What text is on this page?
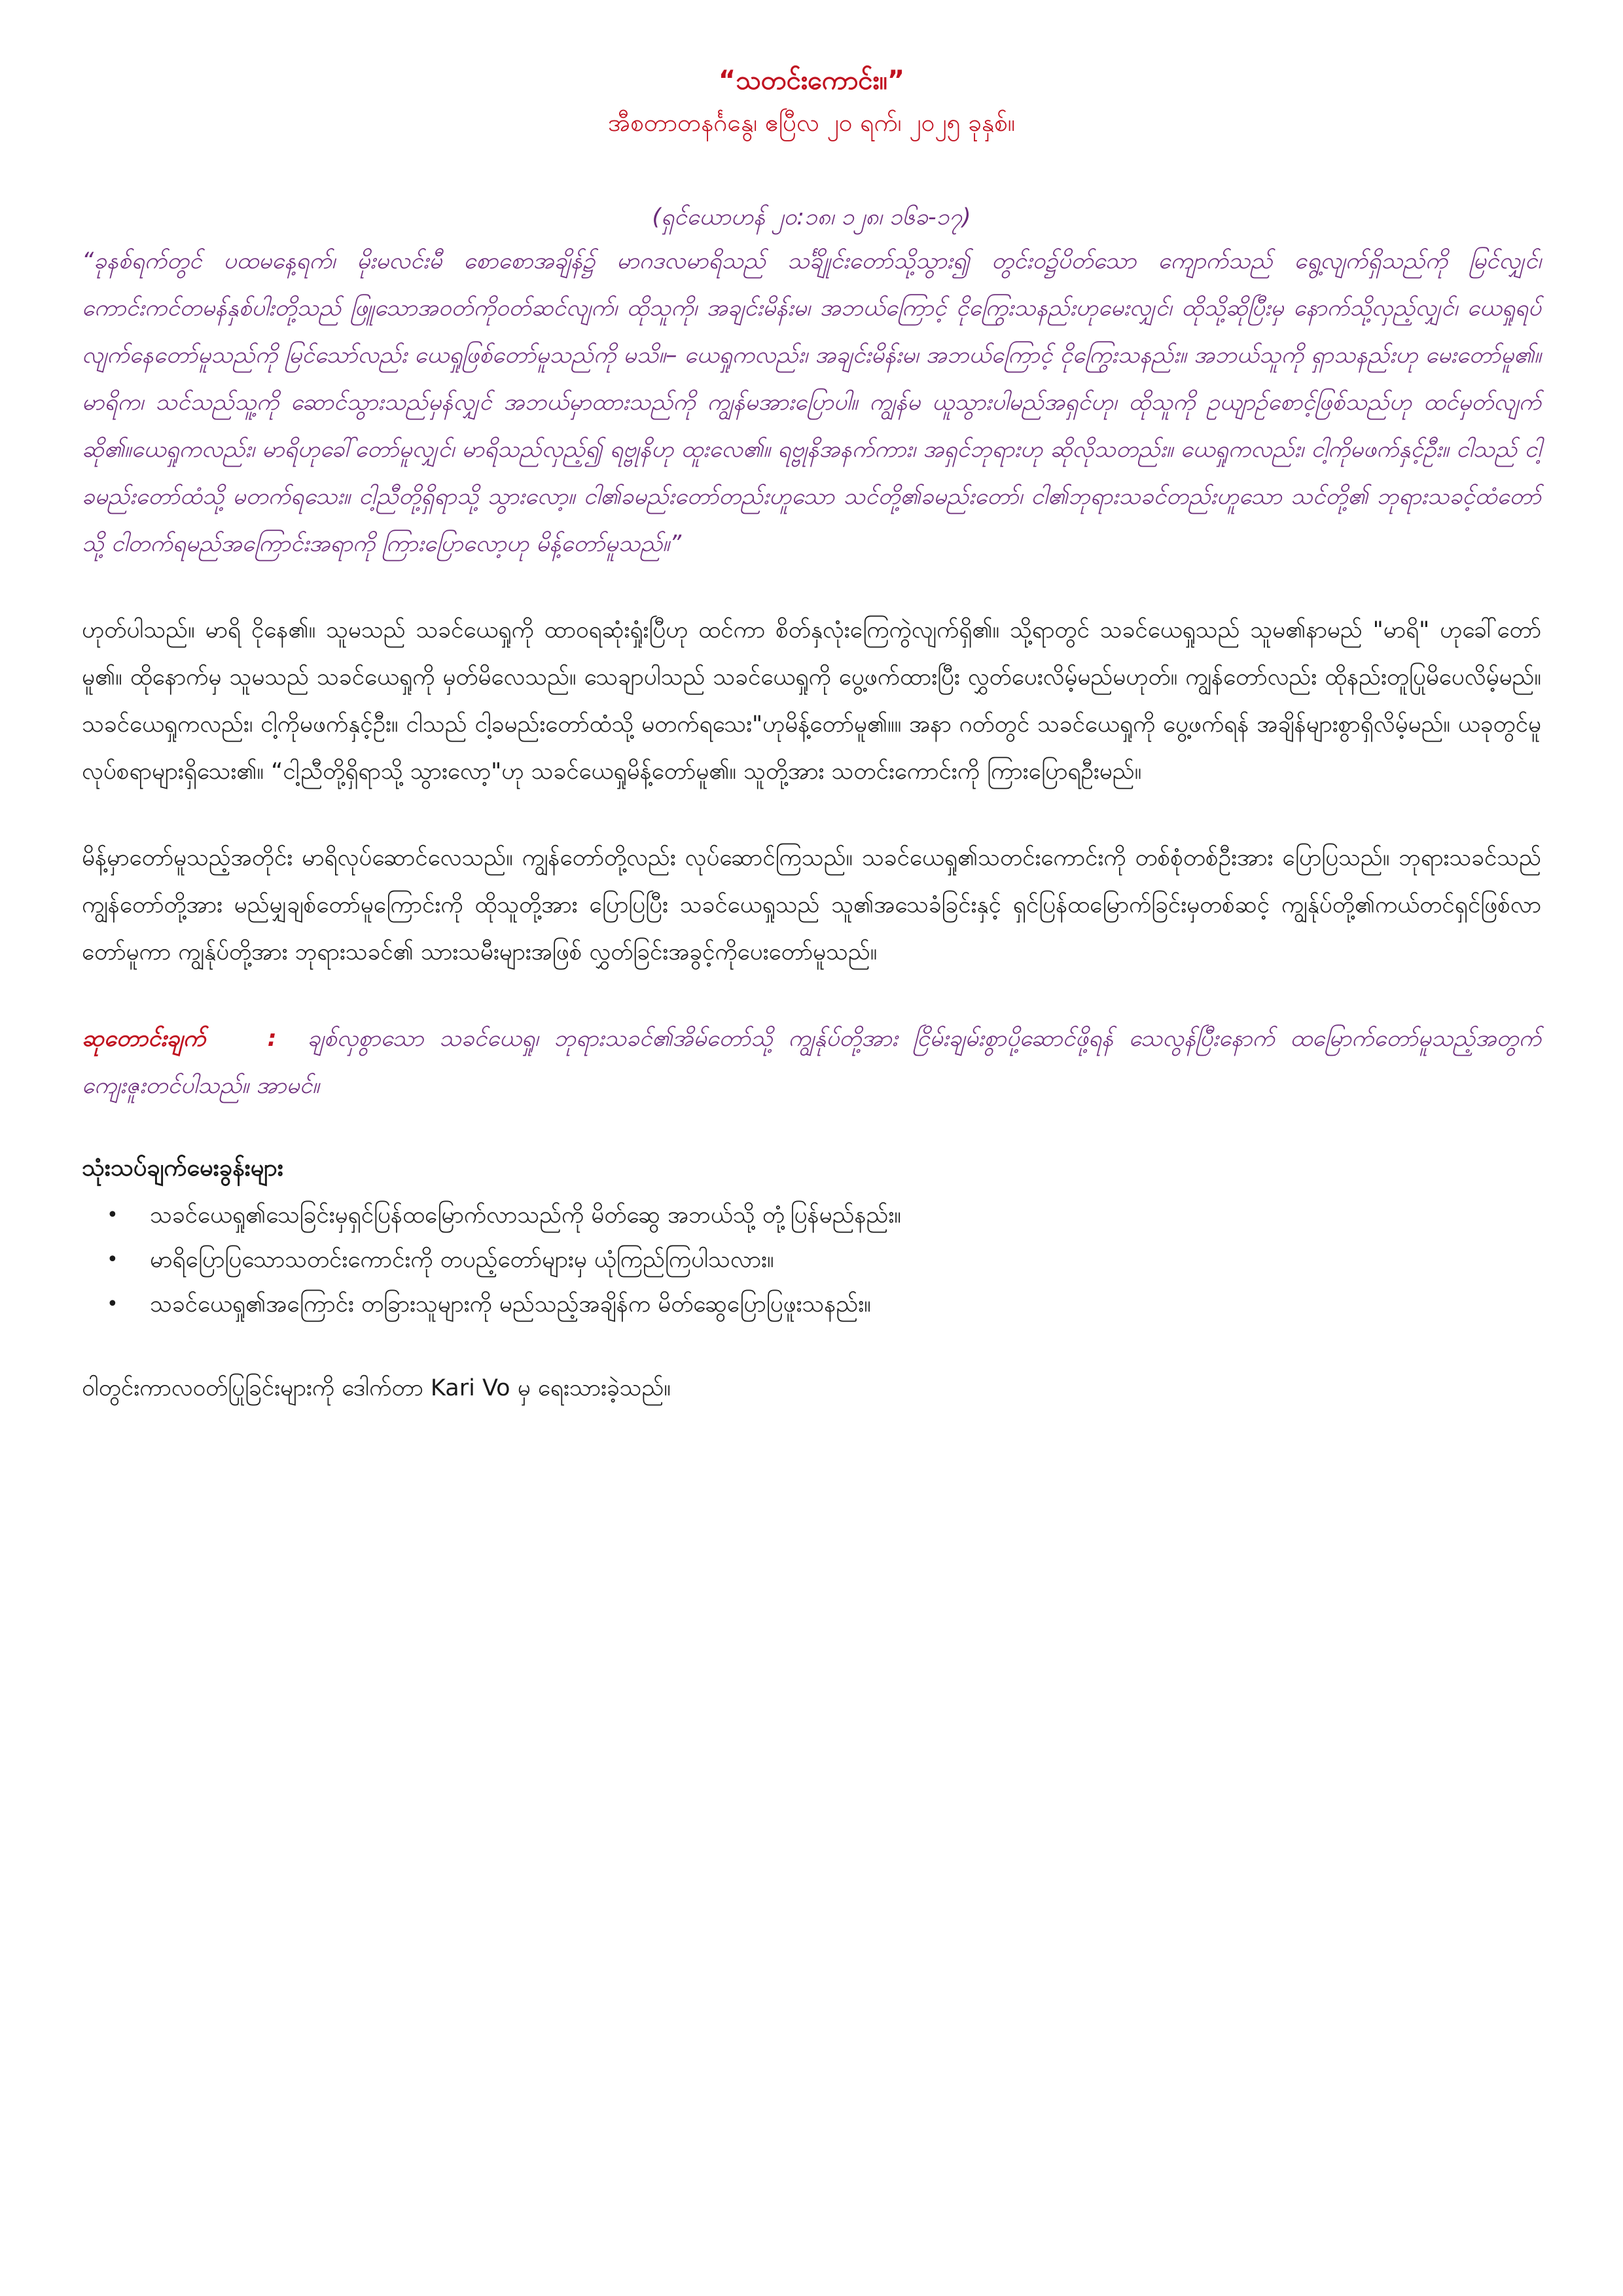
“သတင်းကောင်း။”

အီစတာတနင်္ဂနွေ၊ ဧပြီလ ၂၀ ရက်၊ ၂၀၂၅ ခုနှစ်။

(ရှင်ယောဟန် ၂၀:၁၈၊ ၁၂၈၊ ၁၆ခ-၁၇)

“ခုနစ်ရက်တွင် ပထမနေ့ရက်၊ မိုးမလင်းမီ စောစောအချိန်၌ မာဂဒလမာရိသည် သင်္ချိုင်းတော်သို့သွား၍ တွင်းဝ၌ပိတ်သော ကျောက်သည် ရွေ့လျက်ရှိသည်ကို မြင်လျှင်၊ ကောင်းကင်တမန်နှစ်ပါးတို့သည် ဖြူသောအဝတ်ကိုဝတ်ဆင်လျက်၊ ထိုသူကို၊ အချင်းမိန်းမ၊ အဘယ်ကြောင့် ငိုကြွေးသနည်းဟုမေးလျှင်၊ ထိုသို့ဆိုပြီးမှ နောက်သို့လှည့်လျှင်၊ ယေရှုရပ်လျက်နေတော်မူသည်ကို မြင်သော်လည်း ယေရှုဖြစ်တော်မူသည်ကို မသိ။– ယေရှုကလည်း၊ အချင်းမိန်းမ၊ အဘယ်ကြောင့် ငိုကြွေးသနည်း။ အဘယ်သူကို ရှာသနည်းဟု မေးတော်မူ၏။ မာရိက၊ သင်သည်သူ့ကို ဆောင်သွားသည်မှန်လျှင် အဘယ်မှာထားသည်ကို ကျွန်မအားပြောပါ။ ကျွန်မ ယူသွားပါမည်အရှင်ဟု၊ ထိုသူကို ဥယျာဉ်စောင့်ဖြစ်သည်ဟု ထင်မှတ်လျက်ဆို၏။ယေရှုကလည်း၊ မာရိဟုခေါ်တော်မူလျှင်၊ မာရိသည်လှည့်၍ ရဗ္ဗုနိဟု ထူးလေ၏။ ရဗ္ဗုနိအနက်ကား၊ အရှင်ဘုရားဟု ဆိုလိုသတည်း။ ယေရှုကလည်း၊ ငါ့ကိုမဖက်နှင့်ဦး။ ငါသည် ငါ့ခမည်းတော်ထံသို့ မတက်ရသေး။ ငါ့ညီတို့ရှိရာသို့ သွားလော့။ ငါ၏ခမည်းတော်တည်းဟူသော သင်တို့၏ခမည်းတော်၊ ငါ၏ဘုရားသခင်တည်းဟူသော သင်တို့၏ ဘုရားသခင့်ထံတော်သို့ ငါတက်ရမည်အကြောင်းအရာကို ကြားပြောလော့ဟု မိန့်တော်မူသည်။”

ဟုတ်ပါသည်။ မာရိ ငိုနေ၏။ သူမသည် သခင်ယေရှုကို ထာဝရဆုံးရှုံးပြီဟု ထင်ကာ စိတ်နှလုံးကြေကွဲလျက်ရှိ၏။ သို့ရာတွင် သခင်ယေရှုသည် သူမ၏နာမည် "မာရိ" ဟုခေါ်တော်မူ၏။ ထိုနောက်မှ သူမသည် သခင်ယေရှုကို မှတ်မိလေသည်။ သေချာပါသည် သခင်ယေရှုကို ပွေ့ဖက်ထားပြီး လွှတ်ပေးလိမ့်မည်မဟုတ်။ ကျွန်တော်လည်း ထိုနည်းတူပြုမိပေလိမ့်မည်။ သခင်ယေရှုကလည်း၊ ငါ့ကိုမဖက်နှင့်ဦး။ ငါသည် ငါ့ခမည်းတော်ထံသို့ မတက်ရသေး"ဟုမိန့်တော်မူ၏။။ အနာ ဂတ်တွင် သခင်ယေရှုကို ပွေ့ဖက်ရန် အချိန်များစွာရှိလိမ့်မည်။ ယခုတွင်မူ လုပ်စရာများရှိသေး၏။ “ငါ့ညီတို့ရှိရာသို့ သွားလော့"ဟု သခင်ယေရှုမိန့်တော်မူ၏။ သူတို့အား သတင်းကောင်းကို ကြားပြောရဦးမည်။

မိန့်မှာတော်မူသည့်အတိုင်း မာရိလုပ်ဆောင်လေသည်။ ကျွန်တော်တို့လည်း လုပ်ဆောင်ကြသည်။ သခင်ယေရှု၏သတင်းကောင်းကို တစ်စုံတစ်ဦးအား ပြောပြသည်။ ဘုရားသခင်သည် ကျွန်တော်တို့အား မည်မျှချစ်တော်မူကြောင်းကို ထိုသူတို့အား ပြောပြပြီး သခင်ယေရှုသည် သူ၏အသေခံခြင်းနှင့် ရှင်ပြန်ထမြောက်ခြင်းမှတစ်ဆင့် ကျွန်ုပ်တို့၏ကယ်တင်ရှင်ဖြစ်လာတော်မူကာ ကျွန်ုပ်တို့အား ဘုရားသခင်၏ သားသမီးများအဖြစ် လွှတ်ခြင်းအခွင့်ကိုပေးတော်မူသည်။

ဆုတောင်းချက်	: ချစ်လှစွာသော သခင်ယေရှု၊ ဘုရားသခင်၏အိမ်တော်သို့ ကျွန်ုပ်တို့အား ငြိမ်းချမ်းစွာပို့ဆောင်ဖို့ရန် သေလွန်ပြီးနောက် ထမြောက်တော်မူသည့်အတွက် ကျေးဇူးတင်ပါသည်။ အာမင်။

သုံးသပ်ချက်မေးခွန်းများ
• သခင်ယေရှု၏သေခြင်းမှရှင်ပြန်ထမြောက်လာသည်ကို မိတ်ဆွေ အဘယ်သို့ တုံ့ပြန်မည်နည်း။
• မာရိပြောပြသောသတင်းကောင်းကို တပည့်တော်များမှ ယုံကြည်ကြပါသလား။
• သခင်ယေရှု၏အကြောင်း တခြားသူများကို မည်သည့်အချိန်က မိတ်ဆွေပြောပြဖူးသနည်း။

ဝါတွင်းကာလဝတ်ပြုခြင်းများကို ဒေါက်တာ Kari Vo မှ ရေးသားခဲ့သည်။
